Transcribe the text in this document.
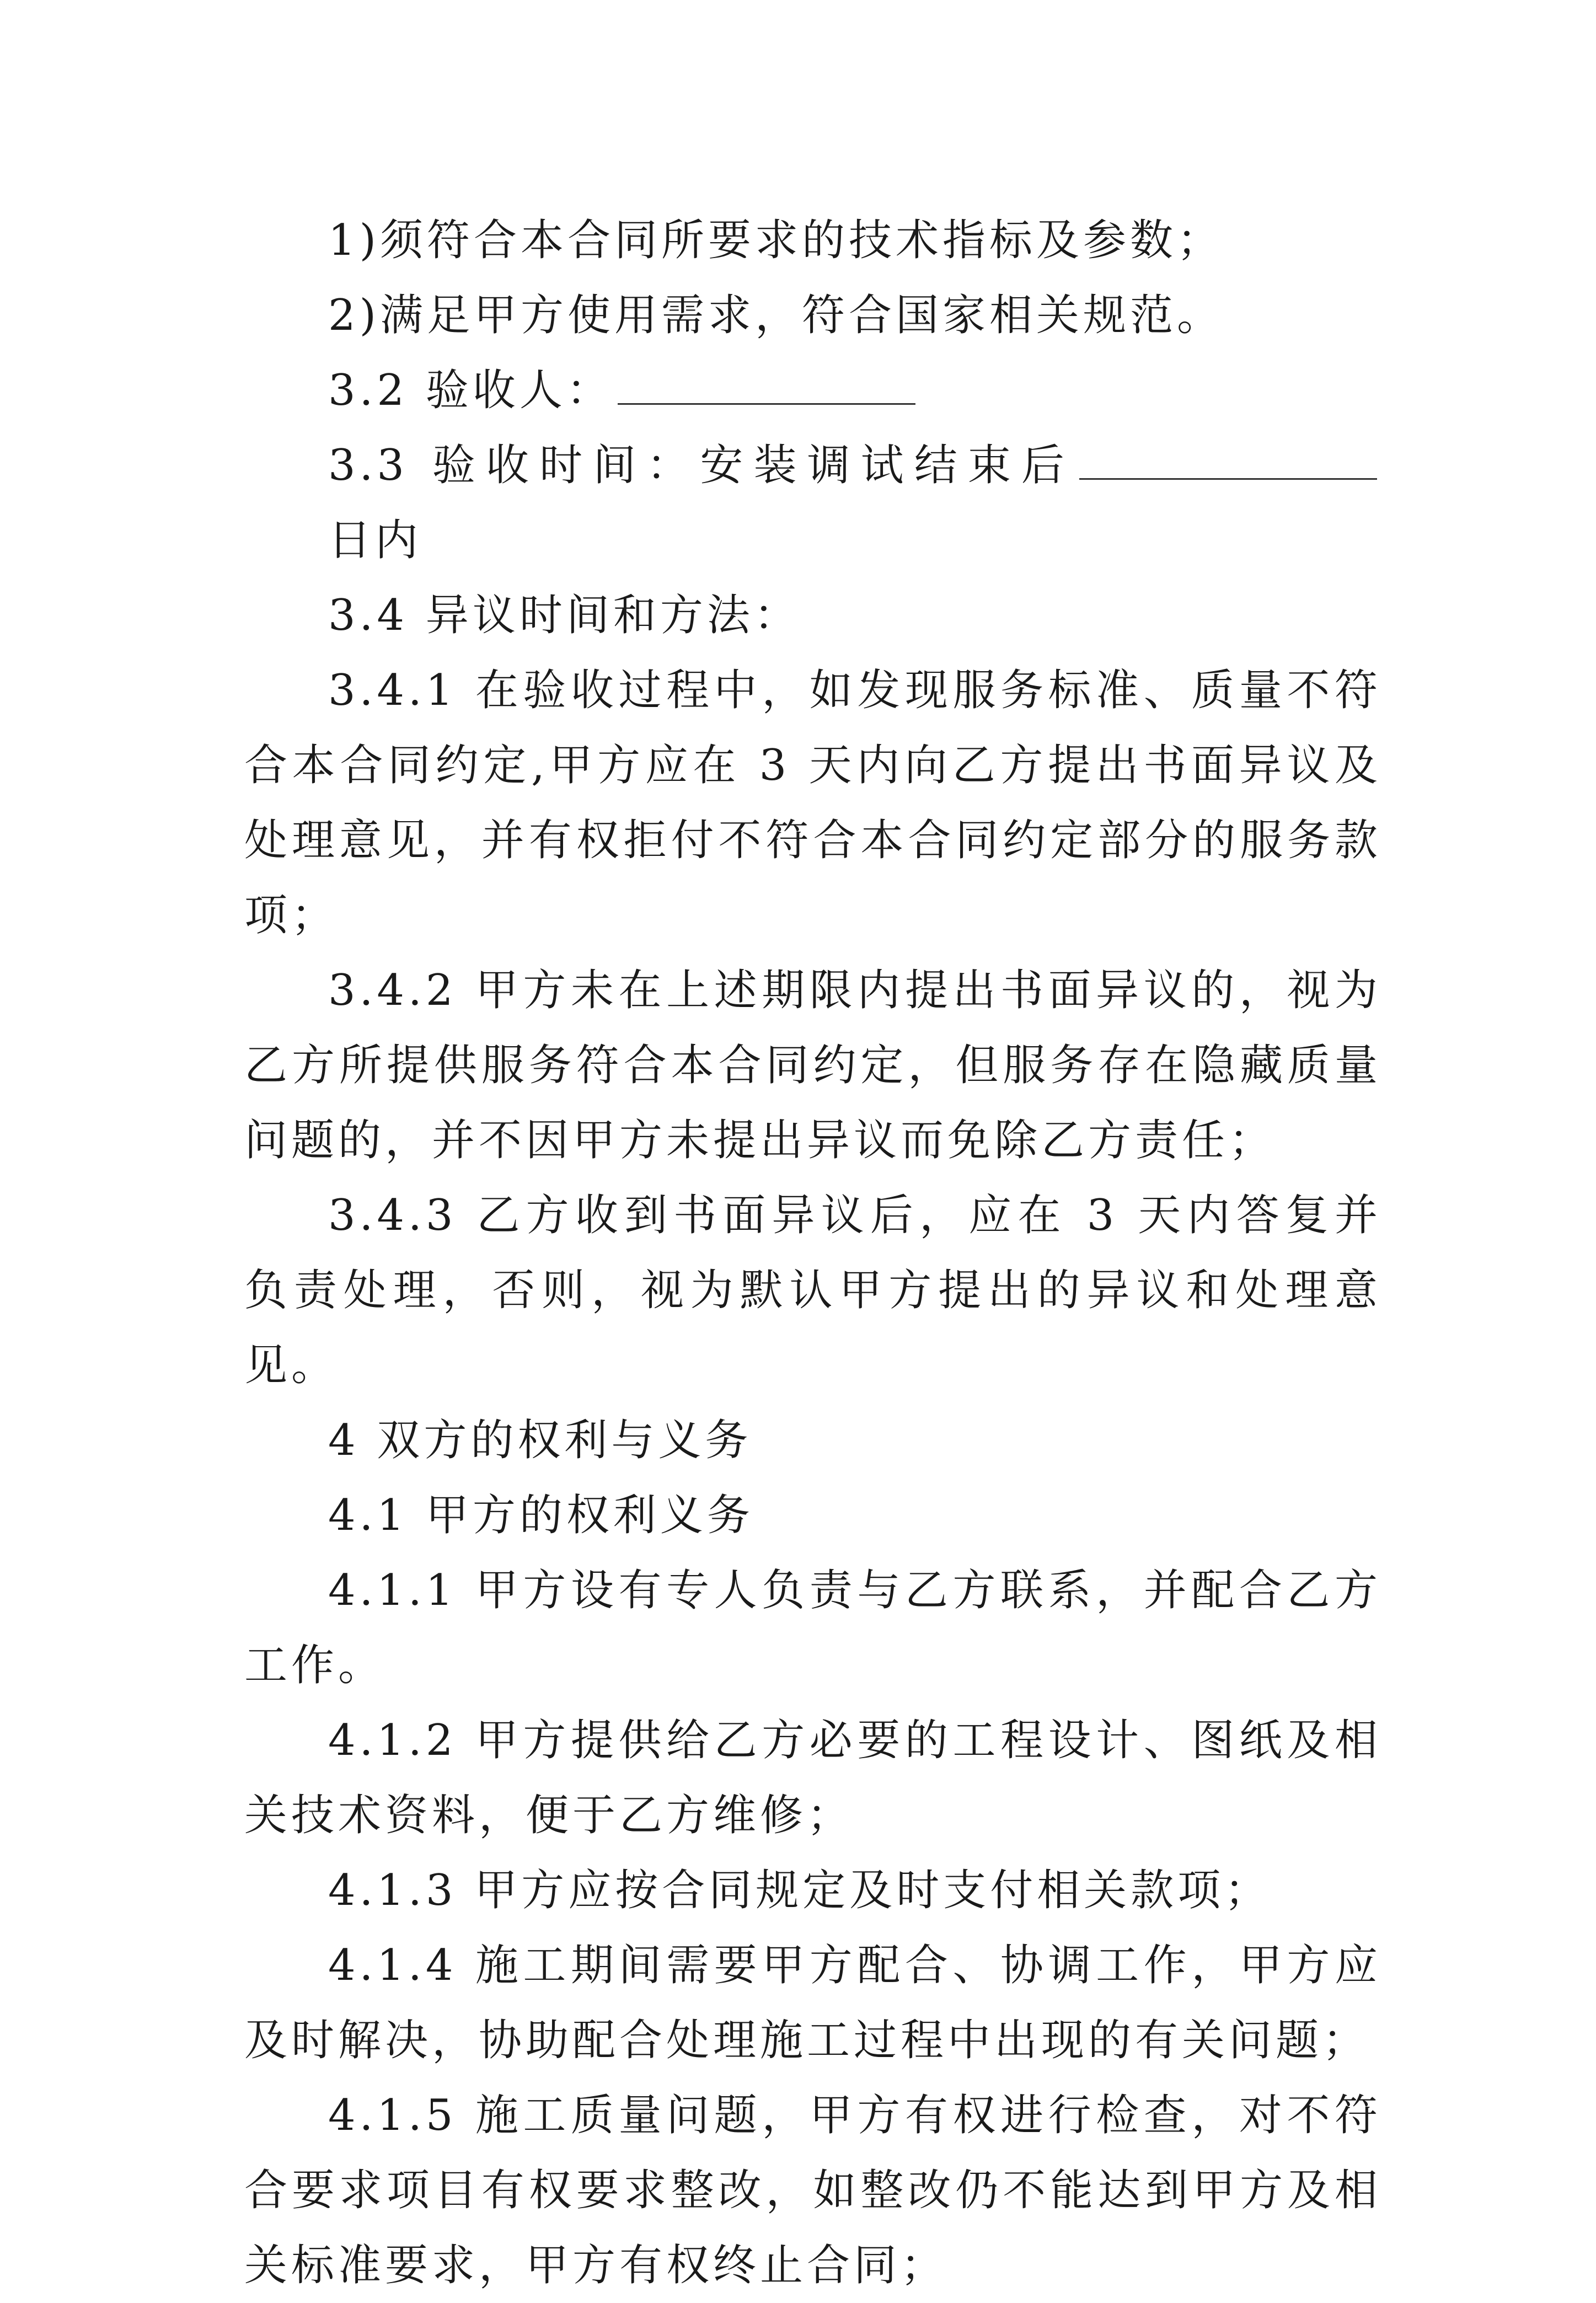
1)须符合本合同所要求的技术指标及参数；

2)满足甲方使用需求，符合国家相关规范。

3.2 验收人：

3.3 验收时间：安装调试结束后日内

3.4 异议时间和方法：

3.4.1 在验收过程中，如发现服务标准、质量不符合本合同约定,甲方应在 3 天内向乙方提出书面异议及处理意见，并有权拒付不符合本合同约定部分的服务款项；

3.4.2 甲方未在上述期限内提出书面异议的，视为乙方所提供服务符合本合同约定，但服务存在隐藏质量问题的，并不因甲方未提出异议而免除乙方责任；

3.4.3 乙方收到书面异议后，应在 3 天内答复并负责处理，否则，视为默认甲方提出的异议和处理意见。

4 双方的权利与义务

4.1 甲方的权利义务

4.1.1 甲方设有专人负责与乙方联系，并配合乙方工作。

4.1.2 甲方提供给乙方必要的工程设计、图纸及相关技术资料，便于乙方维修；

4.1.3 甲方应按合同规定及时支付相关款项；

4.1.4 施工期间需要甲方配合、协调工作，甲方应及时解决，协助配合处理施工过程中出现的有关问题；

4.1.5 施工质量问题，甲方有权进行检查，对不符合要求项目有权要求整改，如整改仍不能达到甲方及相关标准要求，甲方有权终止合同；
